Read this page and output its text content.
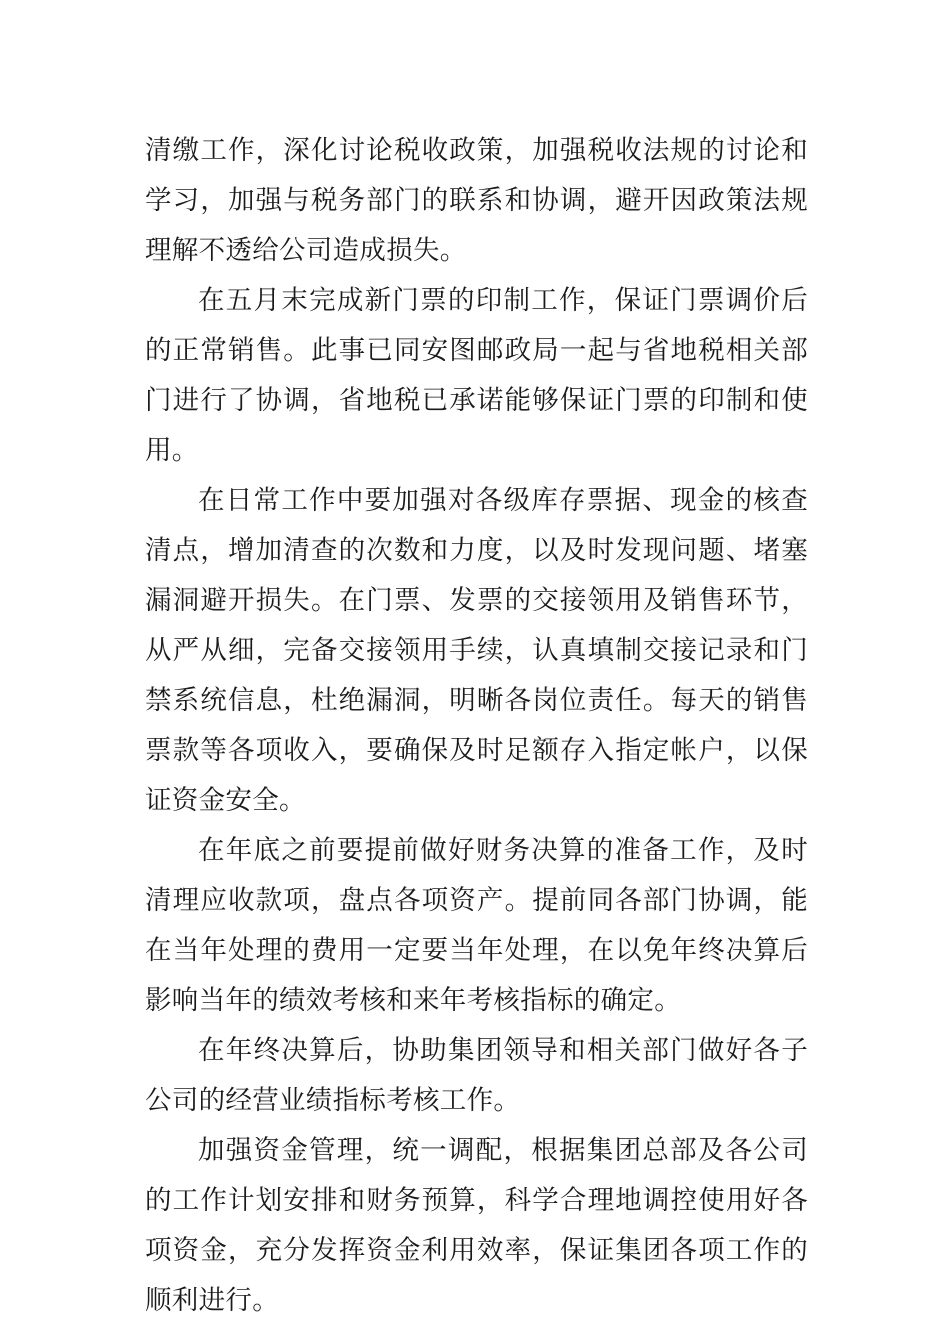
清缴工作，深化讨论税收政策，加强税收法规的讨论和学习，加强与税务部门的联系和协调，避开因政策法规理解不透给公司造成损失。

在五月末完成新门票的印制工作，保证门票调价后的正常销售。此事已同安图邮政局一起与省地税相关部门进行了协调，省地税已承诺能够保证门票的印制和使用。

在日常工作中要加强对各级库存票据、现金的核查清点，增加清查的次数和力度，以及时发现问题、堵塞漏洞避开损失。在门票、发票的交接领用及销售环节，从严从细，完备交接领用手续，认真填制交接记录和门禁系统信息，杜绝漏洞，明晰各岗位责任。每天的销售票款等各项收入，要确保及时足额存入指定帐户，以保证资金安全。

在年底之前要提前做好财务决算的准备工作，及时清理应收款项，盘点各项资产。提前同各部门协调，能在当年处理的费用一定要当年处理，在以免年终决算后影响当年的绩效考核和来年考核指标的确定。

在年终决算后，协助集团领导和相关部门做好各子公司的经营业绩指标考核工作。

加强资金管理，统一调配，根据集团总部及各公司的工作计划安排和财务预算，科学合理地调控使用好各项资金，充分发挥资金利用效率，保证集团各项工作的顺利进行。
